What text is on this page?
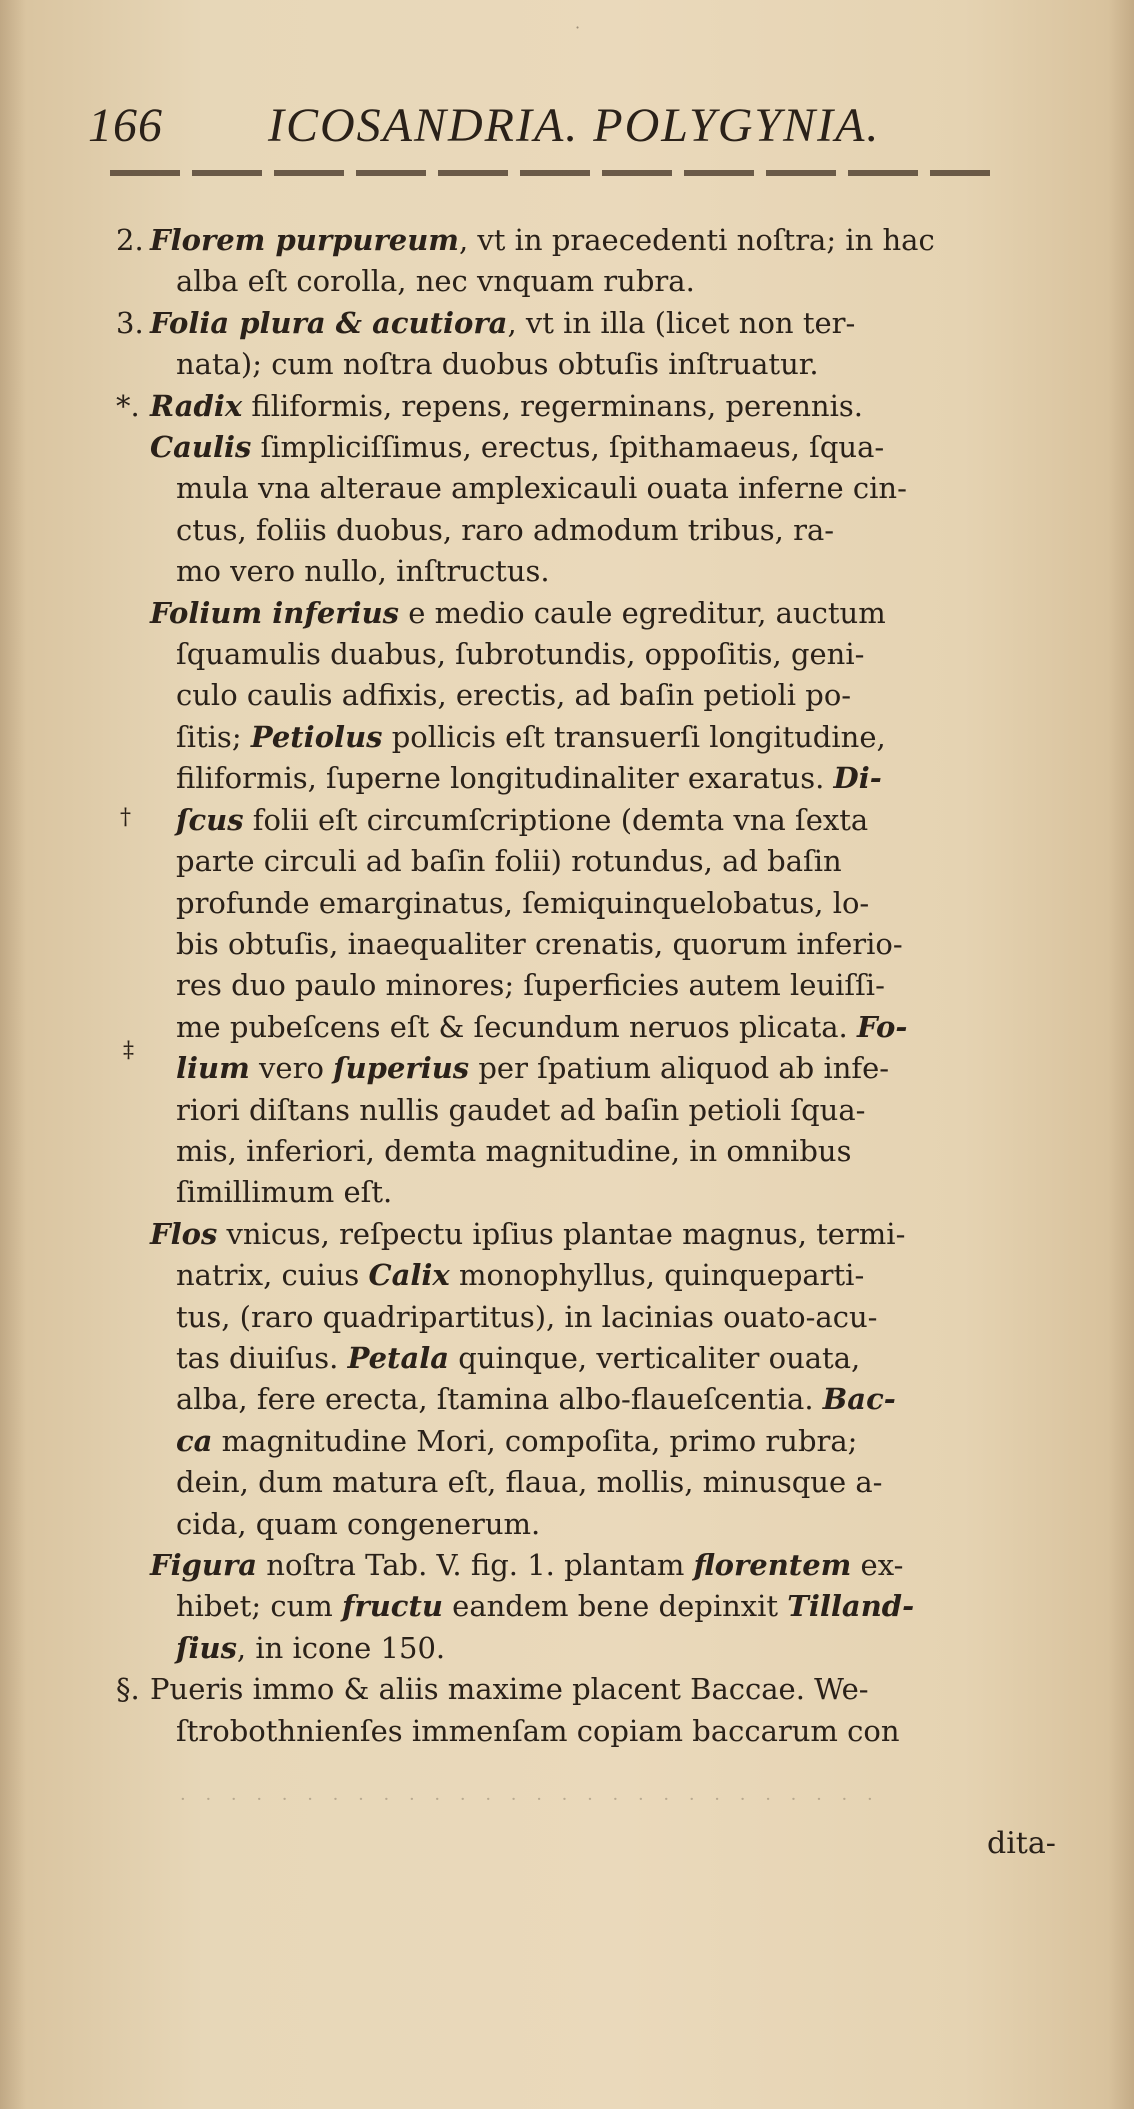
166 ICOSANDRIA. POLYGYNIA.
†
‡
·
2. Florem purpureum, vt in praecedenti noſtra; in hac
alba eſt corolla, nec vnquam rubra.
3. Folia plura & acutiora, vt in illa (licet non ter-
nata); cum noſtra duobus obtuſis inſtruatur.
*. Radix filiformis, repens, regerminans, perennis.
Caulis ſimpliciſſimus, erectus, ſpithamaeus, ſqua-
mula vna alteraue amplexicauli ouata inferne cin-
ctus, foliis duobus, raro admodum tribus, ra-
mo vero nullo, inſtructus.
Folium inferius e medio caule egreditur, auctum
ſquamulis duabus, ſubrotundis, oppoſitis, geni-
culo caulis adfixis, erectis, ad baſin petioli po-
ſitis; Petiolus pollicis eſt transuerſi longitudine,
filiformis, ſuperne longitudinaliter exaratus. Di-
ſcus folii eſt circumſcriptione (demta vna ſexta
parte circuli ad baſin folii) rotundus, ad baſin
profunde emarginatus, ſemiquinquelobatus, lo-
bis obtuſis, inaequaliter crenatis, quorum inferio-
res duo paulo minores; ſuperficies autem leuiſſi-
me pubeſcens eſt & ſecundum neruos plicata. Fo-
lium vero ſuperius per ſpatium aliquod ab infe-
riori diſtans nullis gaudet ad baſin petioli ſqua-
mis, inferiori, demta magnitudine, in omnibus
ſimillimum eſt.
Flos vnicus, reſpectu ipſius plantae magnus, termi-
natrix, cuius Calix monophyllus, quinqueparti-
tus, (raro quadripartitus), in lacinias ouato-acu-
tas diuiſus. Petala quinque, verticaliter ouata,
alba, fere erecta, ſtamina albo-flaueſcentia. Bac-
ca magnitudine Mori, compoſita, primo rubra;
dein, dum matura eſt, flaua, mollis, minusque a-
cida, quam congenerum.
Figura noſtra Tab. V. fig. 1. plantam florentem ex-
hibet; cum fructu eandem bene depinxit Tilland-
ſius, in icone 150.
§. Pueris immo & aliis maxime placent Baccae. We-
ſtrobothnienſes immenſam copiam baccarum con
· · · · · · · · · · · · · · · · · · · · · · · · · · · ·
dita-
